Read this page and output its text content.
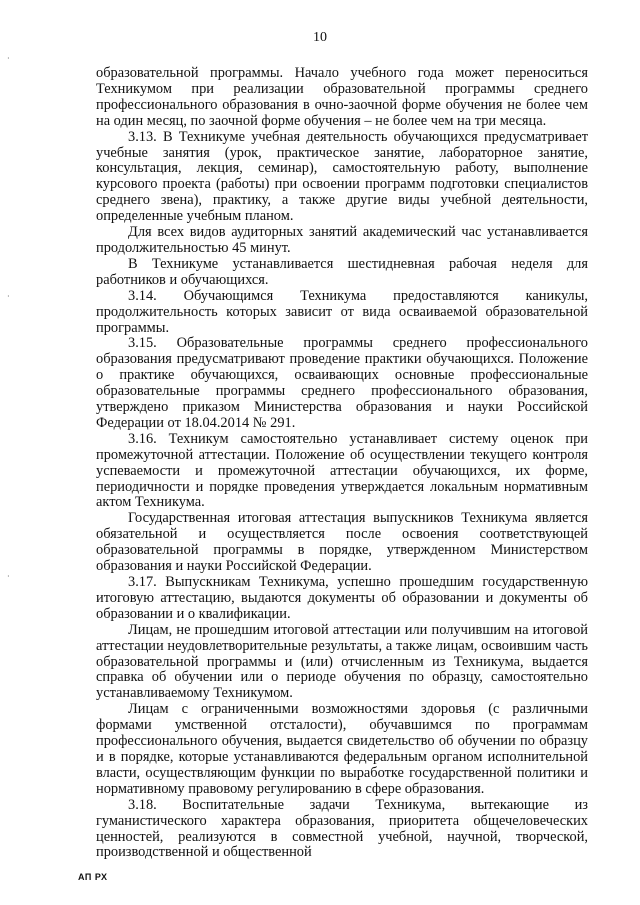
10

образовательной программы. Начало учебного года может переноситься Техникумом при реализации образовательной программы среднего профессионального образования в очно-заочной форме обучения не более чем на один месяц, по заочной форме обучения – не более чем на три месяца.

3.13. В Техникуме учебная деятельность обучающихся предусматривает учебные занятия (урок, практическое занятие, лабораторное занятие, консультация, лекция, семинар), самостоятельную работу, выполнение курсового проекта (работы) при освоении программ подготовки специалистов среднего звена), практику, а также другие виды учебной деятельности, определенные учебным планом.

Для всех видов аудиторных занятий академический час устанавливается продолжительностью 45 минут.

В Техникуме устанавливается шестидневная рабочая неделя для работников и обучающихся.

3.14. Обучающимся Техникума предоставляются каникулы, продолжительность которых зависит от вида осваиваемой образовательной программы.

3.15. Образовательные программы среднего профессионального образования предусматривают проведение практики обучающихся. Положение о практике обучающихся, осваивающих основные профессиональные образовательные программы среднего профессионального образования, утверждено приказом Министерства образования и науки Российской Федерации от 18.04.2014 № 291.

3.16. Техникум самостоятельно устанавливает систему оценок при промежуточной аттестации. Положение об осуществлении текущего контроля успеваемости и промежуточной аттестации обучающихся, их форме, периодичности и порядке проведения утверждается локальным нормативным актом Техникума.

Государственная итоговая аттестация выпускников Техникума является обязательной и осуществляется после освоения соответствующей образовательной программы в порядке, утвержденном Министерством образования и науки Российской Федерации.

3.17. Выпускникам Техникума, успешно прошедшим государственную итоговую аттестацию, выдаются документы об образовании и документы об образовании и о квалификации.

Лицам, не прошедшим итоговой аттестации или получившим на итоговой аттестации неудовлетворительные результаты, а также лицам, освоившим часть образовательной программы и (или) отчисленным из Техникума, выдается справка об обучении или о периоде обучения по образцу, самостоятельно устанавливаемому Техникумом.

Лицам с ограниченными возможностями здоровья (с различными формами умственной отсталости), обучавшимся по программам профессионального обучения, выдается свидетельство об обучении по образцу и в порядке, которые устанавливаются федеральным органом исполнительной власти, осуществляющим функции по выработке государственной политики и нормативному правовому регулированию в сфере образования.

3.18. Воспитательные задачи Техникума, вытекающие из гуманистического характера образования, приоритета общечеловеческих ценностей, реализуются в совместной учебной, научной, творческой, производственной и общественной

АП РХ
·
·
·
